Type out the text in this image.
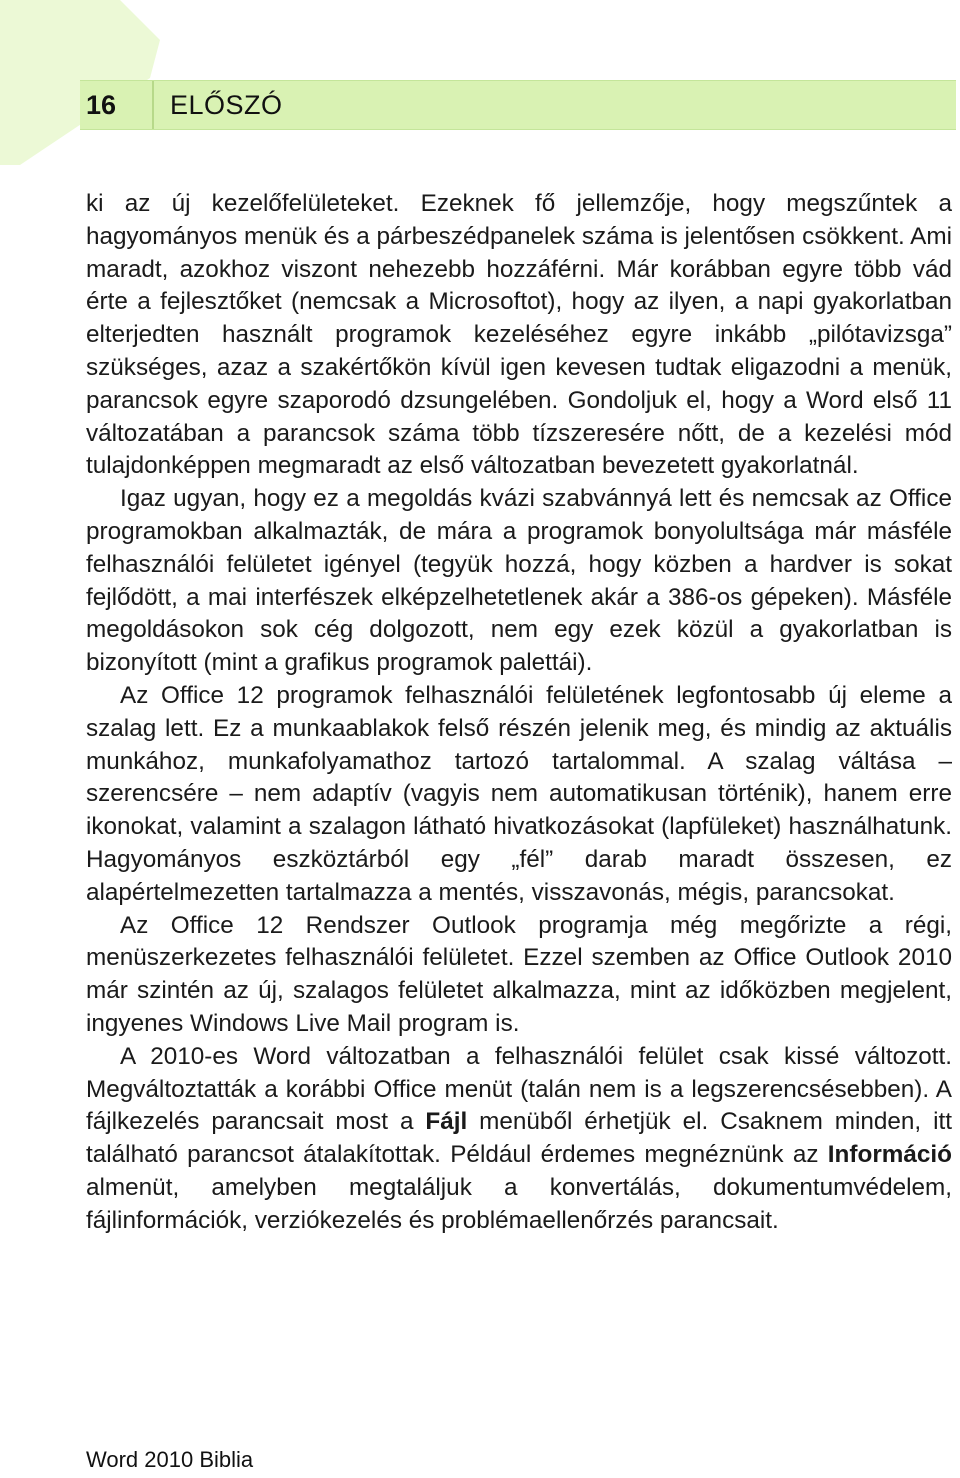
16	ELŐSZÓ

ki az új kezelőfelületeket. Ezeknek fő jellemzője, hogy megszűntek a hagyományos menük és a párbeszédpanelek száma is jelentősen csökkent. Ami maradt, azokhoz viszont nehezebb hozzáférni. Már korábban egyre több vád érte a fejlesztőket (nemcsak a Microsoftot), hogy az ilyen, a napi gyakorlatban elterjedten használt programok kezeléséhez egyre inkább „pilótavizsga” szükséges, azaz a szakértőkön kívül igen kevesen tudtak eligazodni a menük, parancsok egyre szaporodó dzsungelében. Gondoljuk el, hogy a Word első 11 változatában a parancsok száma több tízszeresére nőtt, de a kezelési mód tulajdonképpen megmaradt az első változatban bevezetett gyakorlatnál.

Igaz ugyan, hogy ez a megoldás kvázi szabvánnyá lett és nemcsak az Office programokban alkalmazták, de mára a programok bonyolultsága már másféle felhasználói felületet igényel (tegyük hozzá, hogy közben a hardver is sokat fejlődött, a mai interfészek elképzelhetetlenek akár a 386-os gépeken). Másféle megoldásokon sok cég dolgozott, nem egy ezek közül a gyakorlatban is bizonyított (mint a grafikus programok palettái).

Az Office 12 programok felhasználói felületének legfontosabb új eleme a szalag lett. Ez a munkaablakok felső részén jelenik meg, és mindig az aktuális munkához, munkafolyamathoz tartozó tartalommal. A szalag váltása – szerencsére – nem adaptív (vagyis nem automatikusan történik), hanem erre ikonokat, valamint a szalagon látható hivatkozásokat (lapfüleket) használhatunk. Hagyományos eszköztárból egy „fél” darab maradt összesen, ez alapértelmezetten tartalmazza a mentés, visszavonás, mégis, parancsokat.

Az Office 12 Rendszer Outlook programja még megőrizte a régi, menüszerkezetes felhasználói felületet. Ezzel szemben az Office Outlook 2010 már szintén az új, szalagos felületet alkalmazza, mint az időközben megjelent, ingyenes Windows Live Mail program is.

A 2010-es Word változatban a felhasználói felület csak kissé változott. Megváltoztatták a korábbi Office menüt (talán nem is a legszerencsésebben). A fájlkezelés parancsait most a Fájl menüből érhetjük el. Csaknem minden, itt található parancsot átalakítottak. Például érdemes megnéznünk az Információ almenüt, amelyben megtaláljuk a konvertálás, dokumentumvédelem, fájlinformációk, verziókezelés és problémaellenőrzés parancsait.

Word 2010 Biblia
